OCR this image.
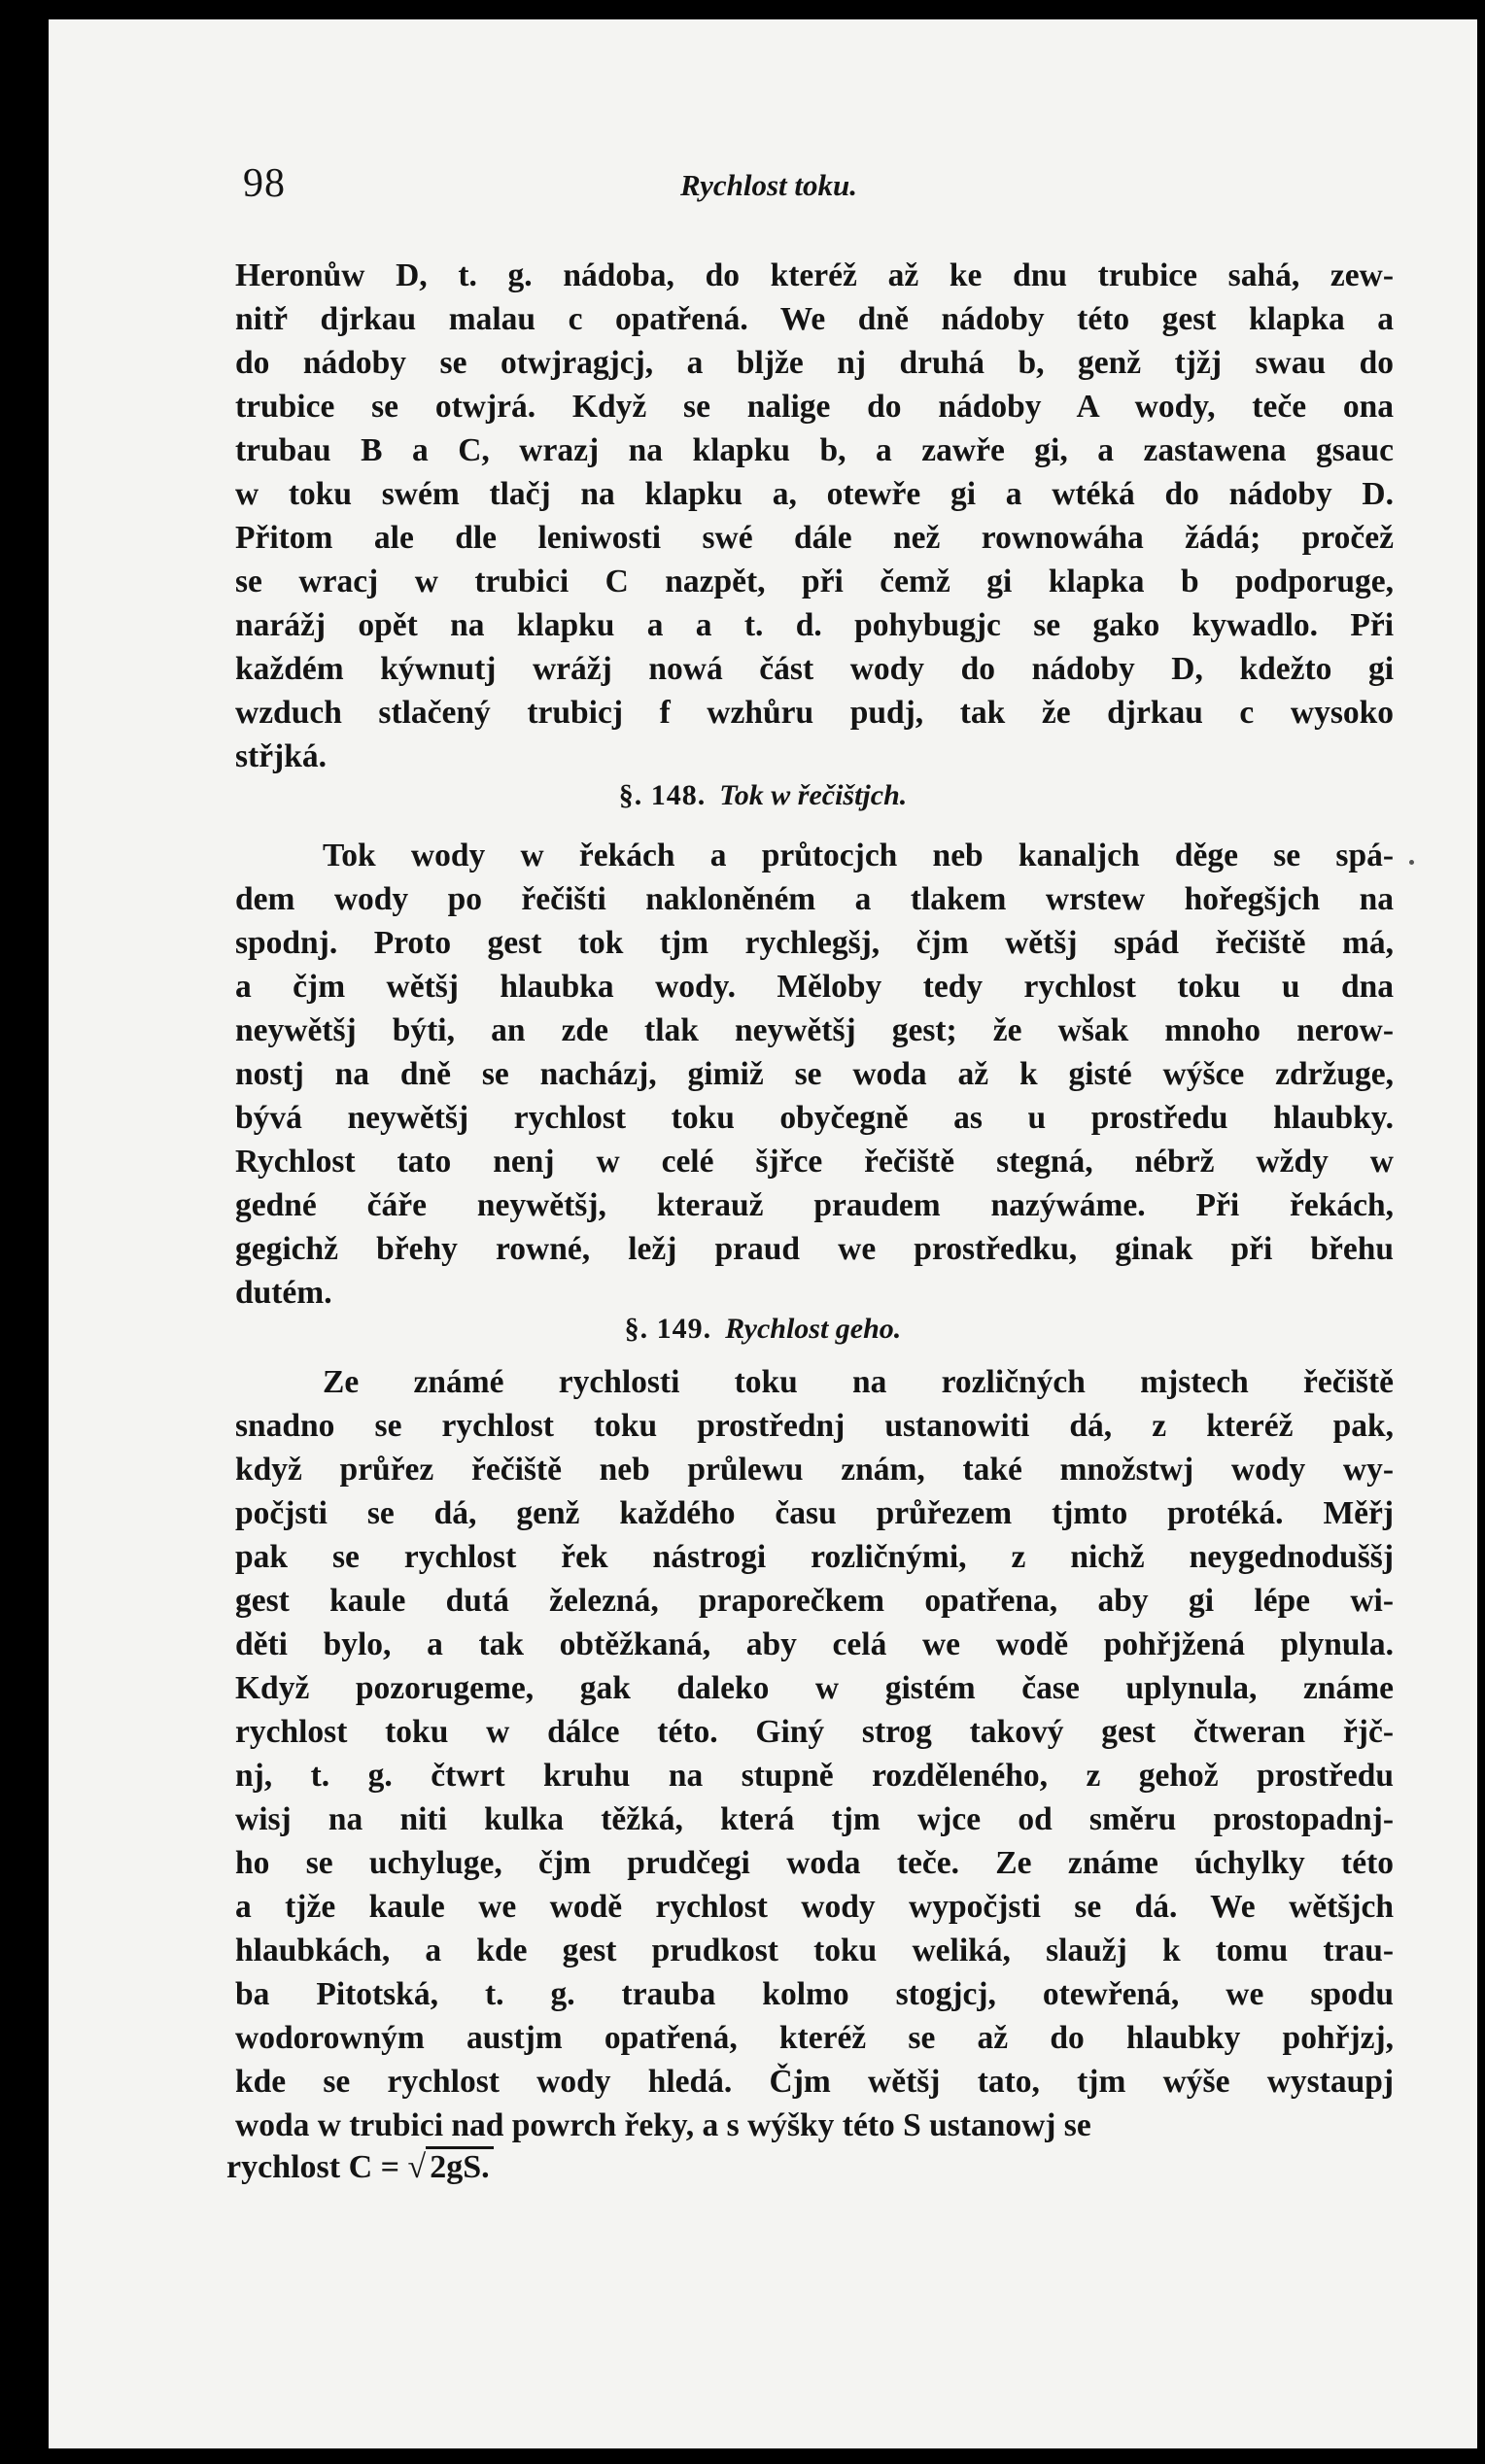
98	Rychlost toku.
Heronůw D, t. g. nádoba, do kteréž až ke dnu trubice sahá, zew-
nitř djrkau malau c opatřená. We dně nádoby této gest klapka a
do nádoby se otwjragjcj, a bljže nj druhá b, genž tjžj swau do
trubice se otwjrá. Když se nalige do nádoby A wody, teče ona
trubau B a C, wrazj na klapku b, a zawře gi, a zastawena gsauc
w toku swém tlačj na klapku a, otewře gi a wtéká do nádoby D.
Přitom ale dle leniwosti swé dále než rownowáha žádá; pročež
se wracj w trubici C nazpět, při čemž gi klapka b podporuge,
narážj opět na klapku a a t. d. pohybugjc se gako kywadlo. Při
každém kýwnutj wrážj nowá část wody do nádoby D, kdežto gi
wzduch stlačený trubicj f wzhůru pudj, tak že djrkau c wysoko
střjká.
§. 148. Tok w řečištjch.
Tok wody w řekách a průtocjch neb kanaljch děge se spá-
dem wody po řečišti nakloněném a tlakem wrstew hořegšjch na
spodnj. Proto gest tok tjm rychlegšj, čjm wětšj spád řečiště má,
a čjm wětšj hlaubka wody. Měloby tedy rychlost toku u dna
neywětšj býti, an zde tlak neywětšj gest; že wšak mnoho nerow-
nostj na dně se nacházj, gimiž se woda až k gisté wýšce zdržuge,
bývá neywětšj rychlost toku obyčegně as u prostředu hlaubky.
Rychlost tato nenj w celé šjřce řečiště stegná, nébrž wždy w
gedné čáře neywětšj, kterauž praudem nazýwáme. Při řekách,
gegichž břehy rowné, ležj praud we prostředku, ginak při břehu
dutém.
§. 149. Rychlost geho.
Ze známé rychlosti toku na rozličných mjstech řečiště
snadno se rychlost toku prostřednj ustanowiti dá, z kteréž pak,
když průřez řečiště neb průlewu znám, také množstwj wody wy-
počjsti se dá, genž každého času průřezem tjmto protéká. Měřj
pak se rychlost řek nástrogi rozličnými, z nichž neygednoduššj
gest kaule dutá železná, praporečkem opatřena, aby gi lépe wi-
děti bylo, a tak obtěžkaná, aby celá we wodě pohřjžená plynula.
Když pozorugeme, gak daleko w gistém čase uplynula, známe
rychlost toku w dálce této. Giný strog takový gest čtweran řjč-
nj, t. g. čtwrt kruhu na stupně rozděleného, z gehož prostředu
wisj na niti kulka těžká, která tjm wjce od směru prostopadnj-
ho se uchyluge, čjm prudčegi woda teče. Ze známe úchylky této
a tjže kaule we wodě rychlost wody wypočjsti se dá. We wětšjch
hlaubkách, a kde gest prudkost toku weliká, slaužj k tomu trau-
ba Pitotská, t. g. trauba kolmo stogjcj, otewřená, we spodu
wodorowným austjm opatřená, kteréž se až do hlaubky pohřjzj,
kde se rychlost wody hledá. Čjm wětšj tato, tjm wýše wystaupj
woda w trubici nad powrch řeky, a s wýšky této S ustanowj se
rychlost C = √ 2gS.
